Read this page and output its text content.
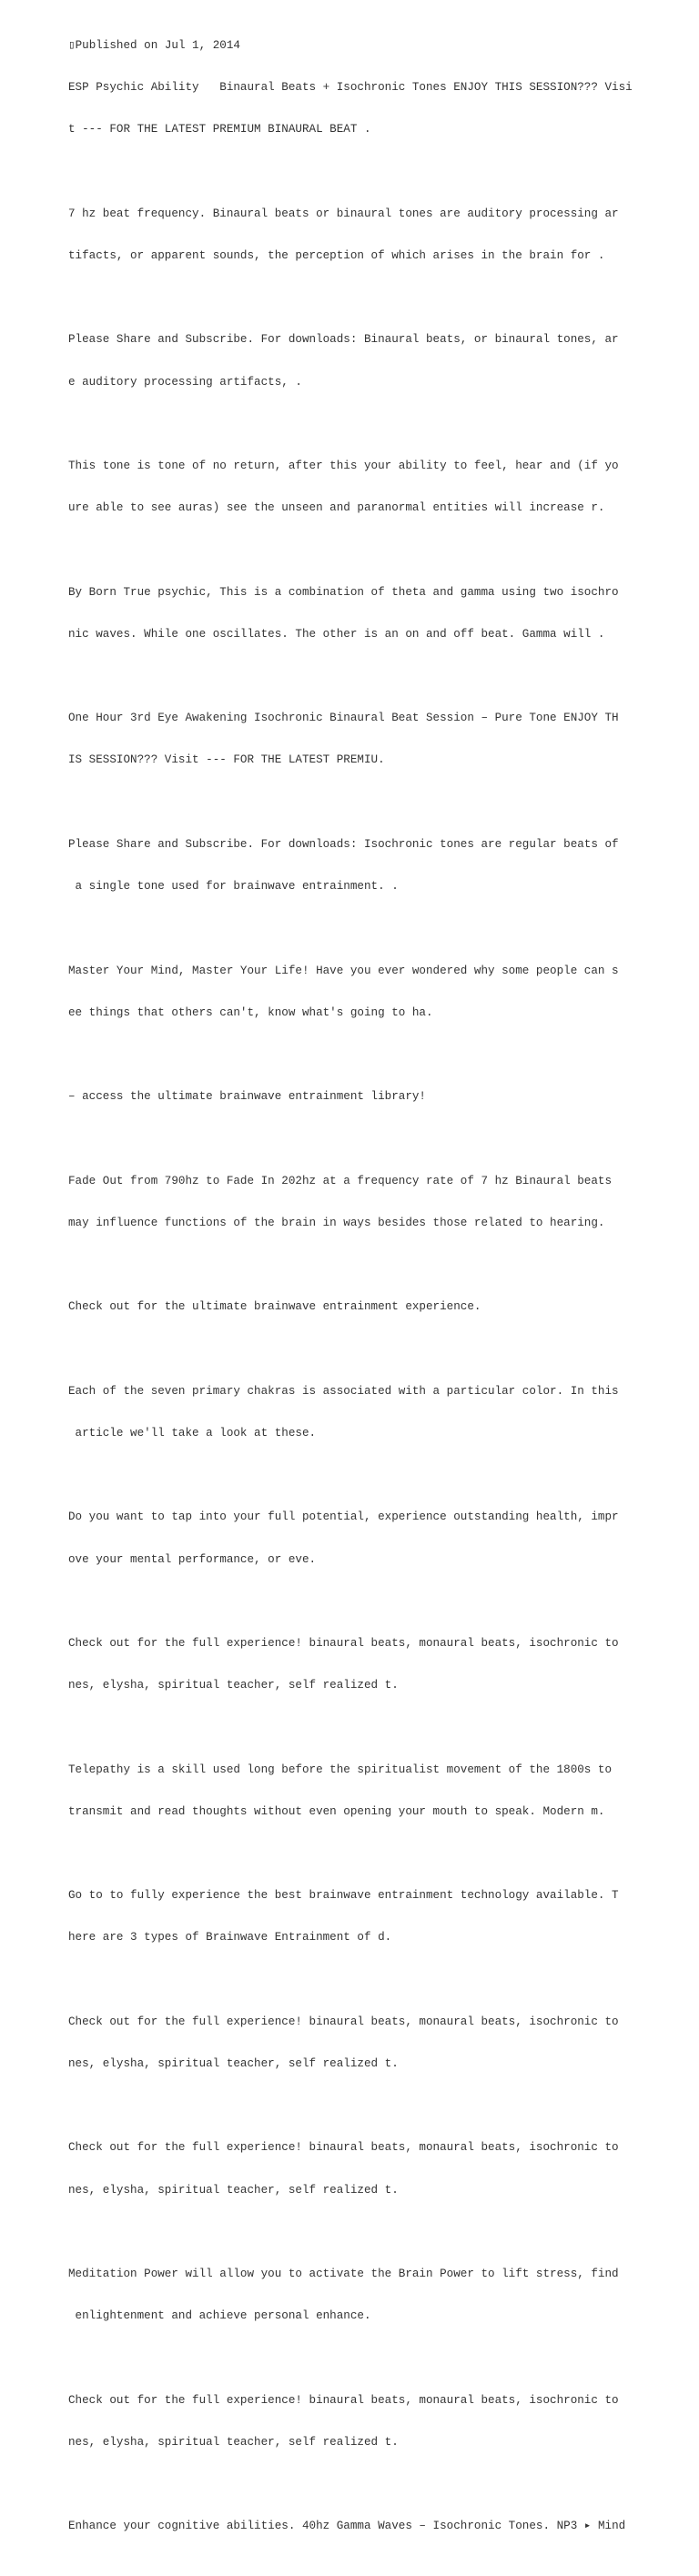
▯Published on Jul 1, 2014

ESP Psychic Ability   Binaural Beats + Isochronic Tones ENJOY THIS SESSION??? Visi

t --- FOR THE LATEST PREMIUM BINAURAL BEAT .

7 hz beat frequency. Binaural beats or binaural tones are auditory processing ar

tifacts, or apparent sounds, the perception of which arises in the brain for .

Please Share and Subscribe. For downloads: Binaural beats, or binaural tones, ar

e auditory processing artifacts, .

This tone is tone of no return, after this your ability to feel, hear and (if yo

ure able to see auras) see the unseen and paranormal entities will increase r.

By Born True psychic, This is a combination of theta and gamma using two isochro

nic waves. While one oscillates. The other is an on and off beat. Gamma will .

One Hour 3rd Eye Awakening Isochronic Binaural Beat Session – Pure Tone ENJOY TH

IS SESSION??? Visit --- FOR THE LATEST PREMIU.

Please Share and Subscribe. For downloads: Isochronic tones are regular beats of

a single tone used for brainwave entrainment. .

Master Your Mind, Master Your Life! Have you ever wondered why some people can s

ee things that others can't, know what's going to ha.

– access the ultimate brainwave entrainment library!

Fade Out from 790hz to Fade In 202hz at a frequency rate of 7 hz Binaural beats

may influence functions of the brain in ways besides those related to hearing.

Check out for the ultimate brainwave entrainment experience.

Each of the seven primary chakras is associated with a particular color. In this

article we'll take a look at these.

Do you want to tap into your full potential, experience outstanding health, impr

ove your mental performance, or eve.

Check out for the full experience! binaural beats, monaural beats, isochronic to

nes, elysha, spiritual teacher, self realized t.

Telepathy is a skill used long before the spiritualist movement of the 1800s to

transmit and read thoughts without even opening your mouth to speak. Modern m.

Go to to fully experience the best brainwave entrainment technology available. T

here are 3 types of Brainwave Entrainment of d.

Check out for the full experience! binaural beats, monaural beats, isochronic to

nes, elysha, spiritual teacher, self realized t.

Check out for the full experience! binaural beats, monaural beats, isochronic to

nes, elysha, spiritual teacher, self realized t.

Meditation Power will allow you to activate the Brain Power to lift stress, find

enlightenment and achieve personal enhance.

Check out for the full experience! binaural beats, monaural beats, isochronic to

nes, elysha, spiritual teacher, self realized t.

Enhance your cognitive abilities. 40hz Gamma Waves – Isochronic Tones. NP3 ▸ Mind
